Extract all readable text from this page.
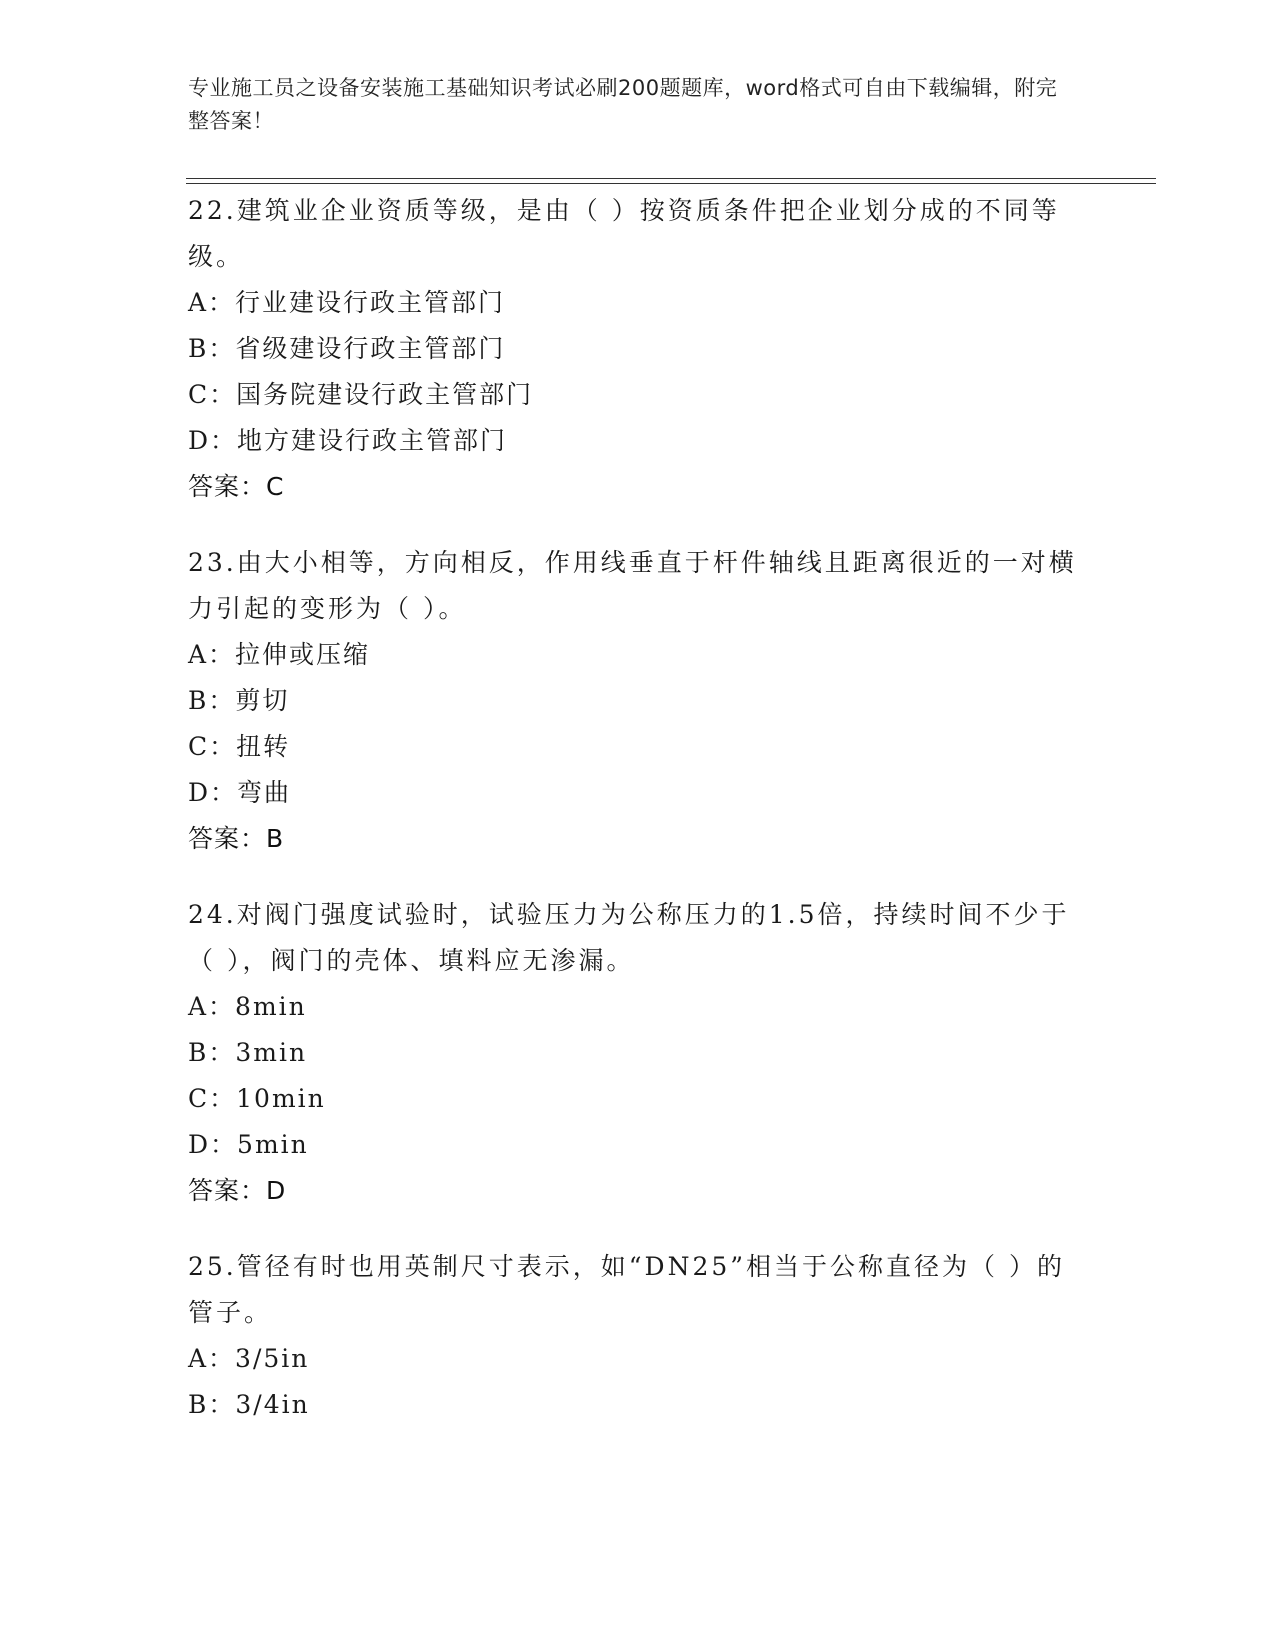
专业施工员之设备安装施工基础知识考试必刷200题题库，word格式可自由下载编辑，附完整答案！

22.建筑业企业资质等级，是由（ ）按资质条件把企业划分成的不同等级。

A：行业建设行政主管部门

B：省级建设行政主管部门

C：国务院建设行政主管部门

D：地方建设行政主管部门

答案：C

23.由大小相等，方向相反，作用线垂直于杆件轴线且距离很近的一对横力引起的变形为（ ）。

A：拉伸或压缩

B：剪切

C：扭转

D：弯曲

答案：B

24.对阀门强度试验时，试验压力为公称压力的1.5倍，持续时间不少于（ ），阀门的壳体、填料应无渗漏。

A：8min

B：3min

C：10min

D：5min

答案：D

25.管径有时也用英制尺寸表示，如“DN25”相当于公称直径为（ ）的管子。

A：3/5in

B：3/4in
